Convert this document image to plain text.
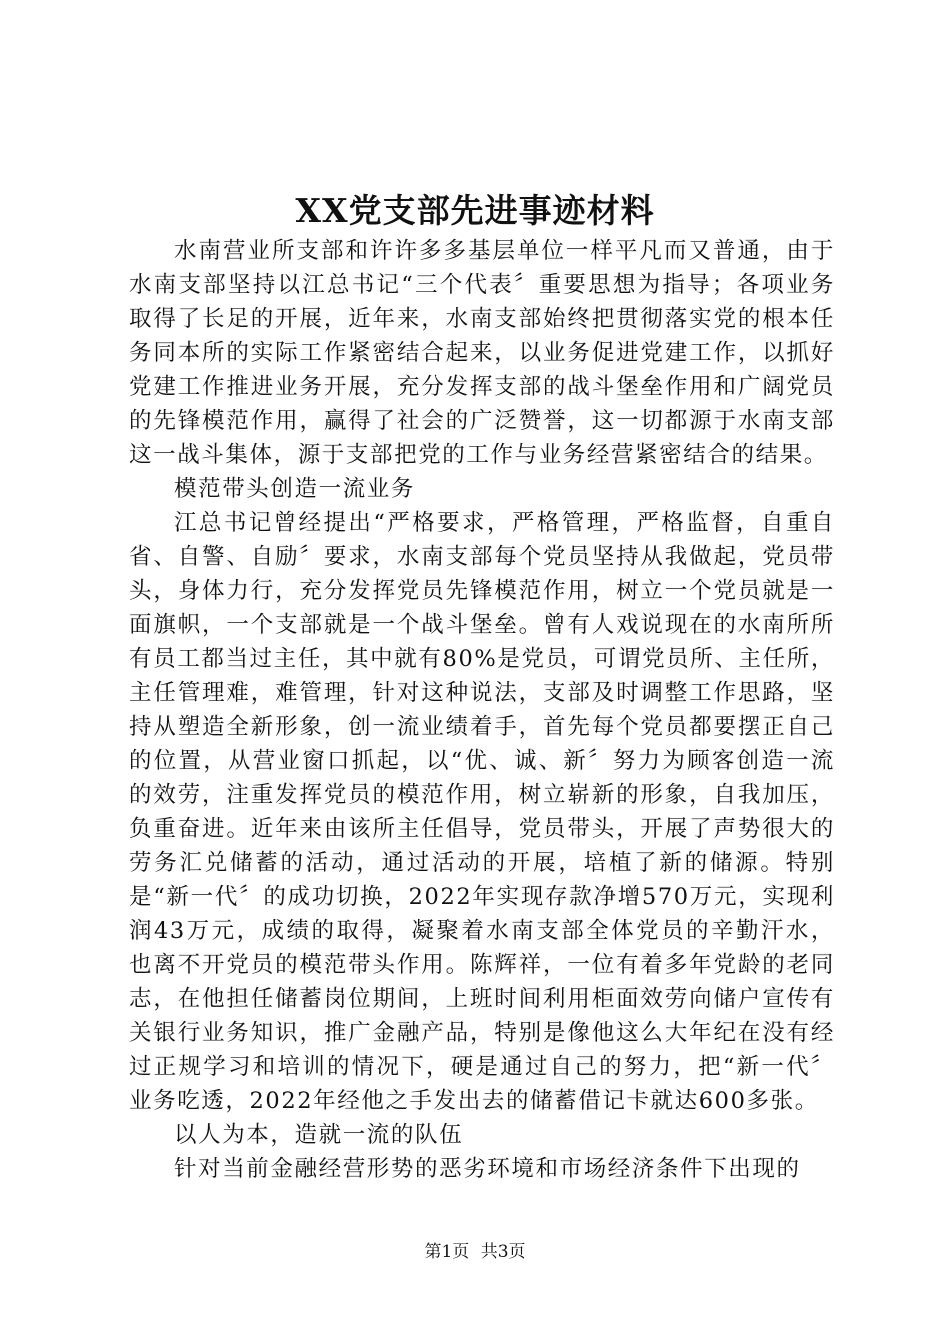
XX党支部先进事迹材料

水南营业所支部和许许多多基层单位一样平凡而又普通，由于水南支部坚持以江总书记“三个代表〞重要思想为指导；各项业务取得了长足的开展，近年来，水南支部始终把贯彻落实党的根本任务同本所的实际工作紧密结合起来，以业务促进党建工作，以抓好党建工作推进业务开展，充分发挥支部的战斗堡垒作用和广阔党员的先锋模范作用，赢得了社会的广泛赞誉，这一切都源于水南支部这一战斗集体，源于支部把党的工作与业务经营紧密结合的结果。

模范带头创造一流业务

江总书记曾经提出“严格要求，严格管理，严格监督，自重自省、自警、自励〞要求，水南支部每个党员坚持从我做起，党员带头，身体力行，充分发挥党员先锋模范作用，树立一个党员就是一面旗帜，一个支部就是一个战斗堡垒。曾有人戏说现在的水南所所有员工都当过主任，其中就有80%是党员，可谓党员所、主任所，主任管理难，难管理，针对这种说法，支部及时调整工作思路，坚持从塑造全新形象，创一流业绩着手，首先每个党员都要摆正自己的位置，从营业窗口抓起，以“优、诚、新〞努力为顾客创造一流的效劳，注重发挥党员的模范作用，树立崭新的形象，自我加压，负重奋进。近年来由该所主任倡导，党员带头，开展了声势很大的劳务汇兑储蓄的活动，通过活动的开展，培植了新的储源。特别是“新一代〞的成功切换，2022年实现存款净增570万元，实现利润43万元，成绩的取得，凝聚着水南支部全体党员的辛勤汗水，也离不开党员的模范带头作用。陈辉祥，一位有着多年党龄的老同志，在他担任储蓄岗位期间，上班时间利用柜面效劳向储户宣传有关银行业务知识，推广金融产品，特别是像他这么大年纪在没有经过正规学习和培训的情况下，硬是通过自己的努力，把“新一代〞业务吃透，2022年经他之手发出去的储蓄借记卡就达600多张。

以人为本，造就一流的队伍

针对当前金融经营形势的恶劣环境和市场经济条件下出现的

第1页 共3页
